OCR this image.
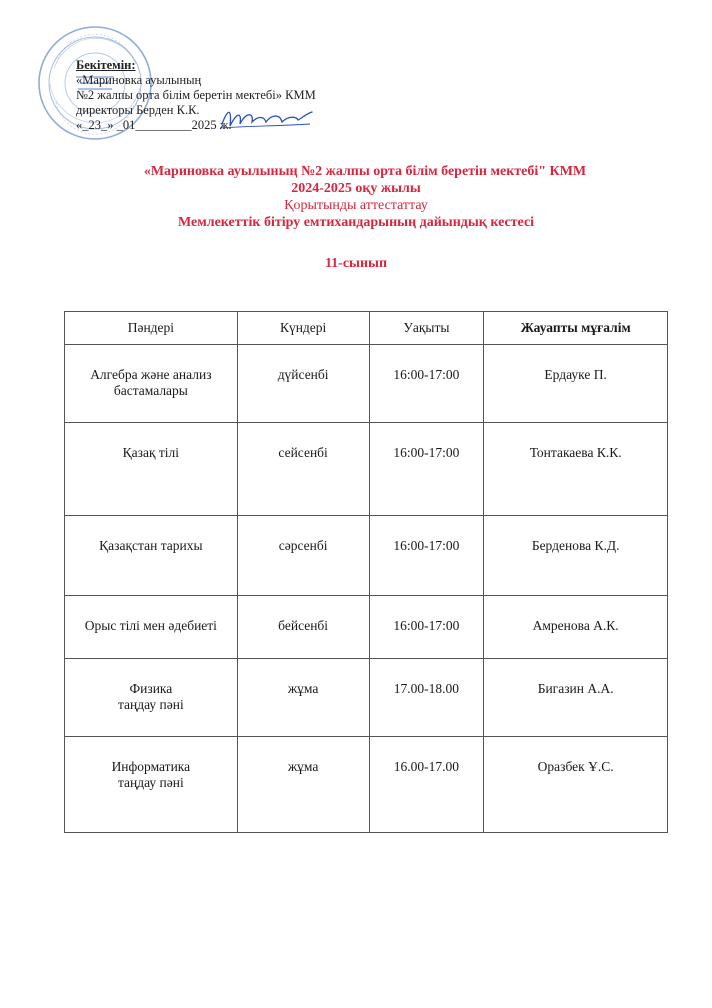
Бекітемін:
«Мариновка ауылының
№2 жалпы орта білім беретін мектебі» КММ
директоры Берден К.К.
«_23_» _01_________2025 ж.
«Мариновка ауылының №2 жалпы орта білім беретін мектебі" КММ
2024-2025 оқу жылы
Қорытынды аттестаттау
Мемлекеттік бітіру емтихандарының дайындық кестесі
11-сынып
Пәндері	Күндері	Уақыты	Жауапты мұғалім
Алгебра және анализ
бастамалары	дүйсенбі	16:00-17:00	Ердауке П.
Қазақ тілі	сейсенбі	16:00-17:00	Тонтакаева К.К.
Қазақстан тарихы	сәрсенбі	16:00-17:00	Берденова К.Д.
Орыс тілі мен әдебиеті	бейсенбі	16:00-17:00	Амренова А.К.
Физика
таңдау пәні	жұма	17.00-18.00	Бигазин А.А.
Информатика
таңдау пәні	жұма	16.00-17.00	Оразбек Ұ.С.
